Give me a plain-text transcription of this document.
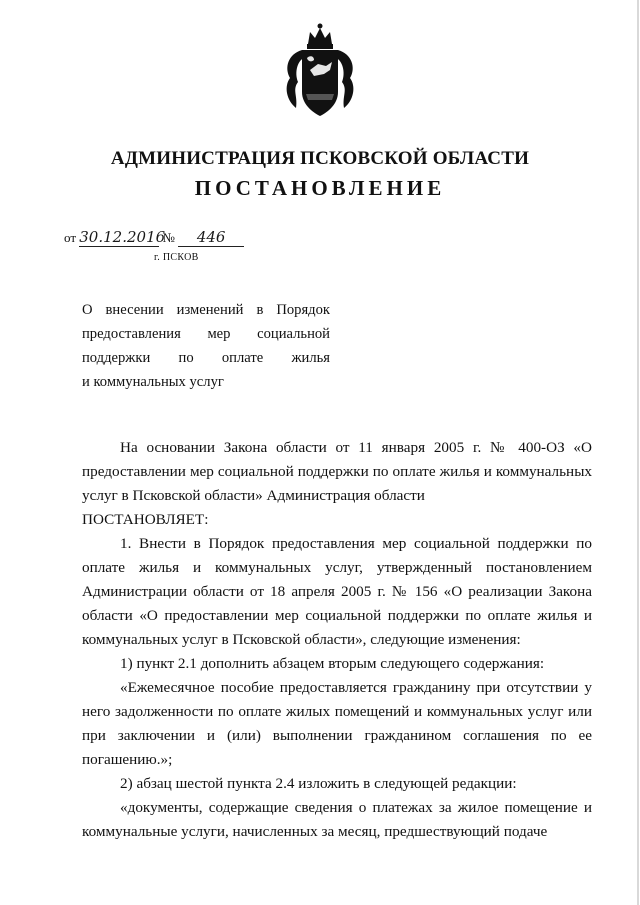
АДМИНИСТРАЦИЯ ПСКОВСКОЙ ОБЛАСТИ
ПОСТАНОВЛЕНИЕ
от 30.12.2016 № 446
г. ПСКОВ
О внесении изменений в Порядок
предоставления мер социальной
поддержки по оплате жилья
и коммунальных услуг

На основании Закона области от 11 января 2005 г. № 400-ОЗ «О предоставлении мер социальной поддержки по оплате жилья и коммунальных услуг в Псковской области» Администрация области

ПОСТАНОВЛЯЕТ:

1. Внести в Порядок предоставления мер социальной поддержки по оплате жилья и коммунальных услуг, утвержденный постановлением Администрации области от 18 апреля 2005 г. № 156 «О реализации Закона области «О предоставлении мер социальной поддержки по оплате жилья и коммунальных услуг в Псковской области», следующие изменения:

1) пункт 2.1 дополнить абзацем вторым следующего содержания:

«Ежемесячное пособие предоставляется гражданину при отсутствии у него задолженности по оплате жилых помещений и коммунальных услуг или при заключении и (или) выполнении гражданином соглашения по ее погашению.»;

2) абзац шестой пункта 2.4 изложить в следующей редакции:

«документы, содержащие сведения о платежах за жилое помещение и коммунальные услуги, начисленных за месяц, предшествующий подаче
